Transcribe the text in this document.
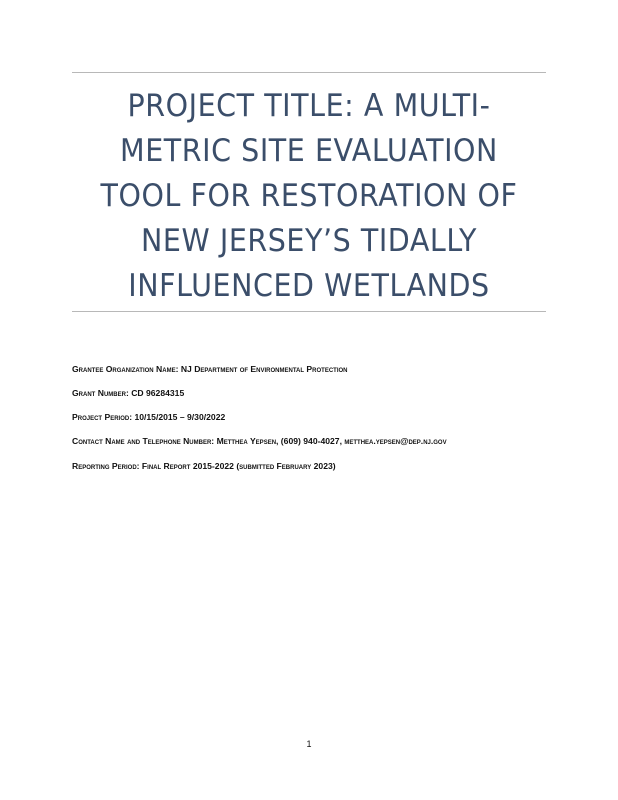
PROJECT TITLE: A MULTI-
METRIC SITE EVALUATION
TOOL FOR RESTORATION OF
NEW JERSEY’S TIDALLY
INFLUENCED WETLANDS

Grantee Organization Name: NJ Department of Environmental Protection

Grant Number: CD 96284315

Project Period: 10/15/2015 – 9/30/2022

Contact Name and Telephone Number: Metthea Yepsen, (609) 940-4027, metthea.yepsen@dep.nj.gov

Reporting Period: Final Report 2015-2022 (submitted February 2023)

1
